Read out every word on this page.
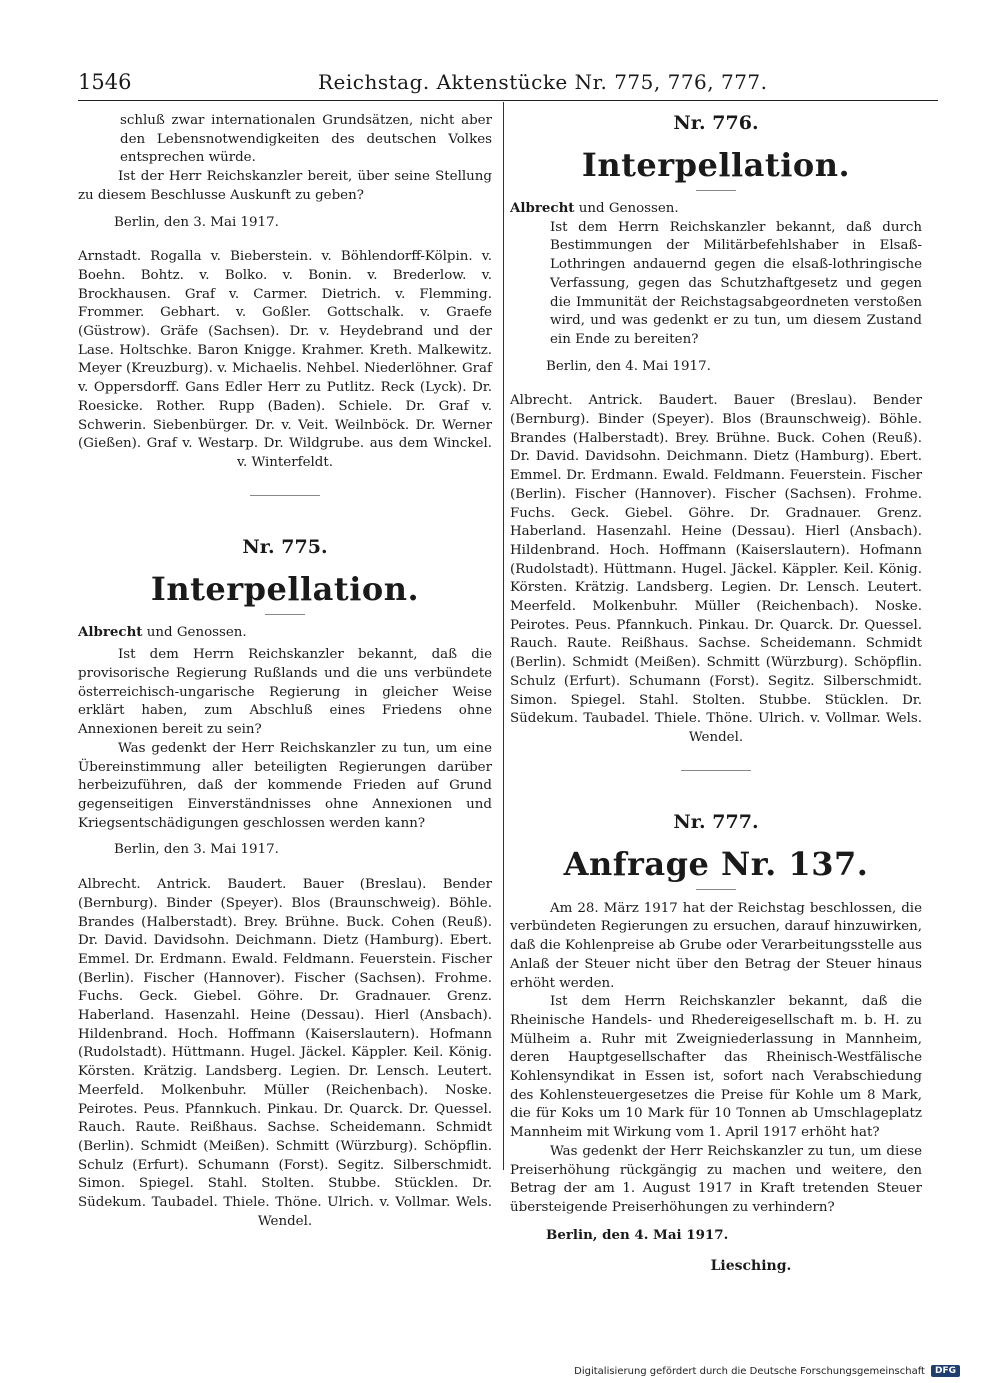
1546	Reichstag. Aktenstücke Nr. 775, 776, 777.

schluß zwar internationalen Grundsätzen, nicht aber den Lebensnotwendigkeiten des deutschen Volkes entsprechen würde.

Ist der Herr Reichskanzler bereit, über seine Stellung zu diesem Beschlusse Auskunft zu geben?

Berlin, den 3. Mai 1917.

Arnstadt. Rogalla v. Bieberstein. v. Böhlendorff-Kölpin. v. Boehn. Bohtz. v. Bolko. v. Bonin. v. Brederlow. v. Brockhausen. Graf v. Carmer. Dietrich. v. Flemming. Frommer. Gebhart. v. Goßler. Gottschalk. v. Graefe (Güstrow). Gräfe (Sachsen). Dr. v. Heydebrand und der Lase. Holtschke. Baron Knigge. Krahmer. Kreth. Malkewitz. Meyer (Kreuzburg). v. Michaelis. Nehbel. Niederlöhner. Graf v. Oppersdorff. Gans Edler Herr zu Putlitz. Reck (Lyck). Dr. Roesicke. Rother. Rupp (Baden). Schiele. Dr. Graf v. Schwerin. Siebenbürger. Dr. v. Veit. Weilnböck. Dr. Werner (Gießen). Graf v. Westarp. Dr. Wildgrube. aus dem Winckel. v. Winterfeldt.

Nr. 775.
Interpellation.

Albrecht und Genossen.

Ist dem Herrn Reichskanzler bekannt, daß die provisorische Regierung Rußlands und die uns verbündete österreichisch-ungarische Regierung in gleicher Weise erklärt haben, zum Abschluß eines Friedens ohne Annexionen bereit zu sein?

Was gedenkt der Herr Reichskanzler zu tun, um eine Übereinstimmung aller beteiligten Regierungen darüber herbeizuführen, daß der kommende Frieden auf Grund gegenseitigen Einverständnisses ohne Annexionen und Kriegsentschädigungen geschlossen werden kann?

Berlin, den 3. Mai 1917.

Albrecht. Antrick. Baudert. Bauer (Breslau). Bender (Bernburg). Binder (Speyer). Blos (Braunschweig). Böhle. Brandes (Halberstadt). Brey. Brühne. Buck. Cohen (Reuß). Dr. David. Davidsohn. Deichmann. Dietz (Hamburg). Ebert. Emmel. Dr. Erdmann. Ewald. Feldmann. Feuerstein. Fischer (Berlin). Fischer (Hannover). Fischer (Sachsen). Frohme. Fuchs. Geck. Giebel. Göhre. Dr. Gradnauer. Grenz. Haberland. Hasenzahl. Heine (Dessau). Hierl (Ansbach). Hildenbrand. Hoch. Hoffmann (Kaiserslautern). Hofmann (Rudolstadt). Hüttmann. Hugel. Jäckel. Käppler. Keil. König. Körsten. Krätzig. Landsberg. Legien. Dr. Lensch. Leutert. Meerfeld. Molkenbuhr. Müller (Reichenbach). Noske. Peirotes. Peus. Pfannkuch. Pinkau. Dr. Quarck. Dr. Quessel. Rauch. Raute. Reißhaus. Sachse. Scheidemann. Schmidt (Berlin). Schmidt (Meißen). Schmitt (Würzburg). Schöpflin. Schulz (Erfurt). Schumann (Forst). Segitz. Silberschmidt. Simon. Spiegel. Stahl. Stolten. Stubbe. Stücklen. Dr. Südekum. Taubadel. Thiele. Thöne. Ulrich. v. Vollmar. Wels. Wendel.

Nr. 776.
Interpellation.

Albrecht und Genossen.

Ist dem Herrn Reichskanzler bekannt, daß durch Bestimmungen der Militärbefehlshaber in Elsaß-Lothringen andauernd gegen die elsaß-lothringische Verfassung, gegen das Schutzhaftgesetz und gegen die Immunität der Reichstagsabgeordneten verstoßen wird, und was gedenkt er zu tun, um diesem Zustand ein Ende zu bereiten?

Berlin, den 4. Mai 1917.

Albrecht. Antrick. Baudert. Bauer (Breslau). Bender (Bernburg). Binder (Speyer). Blos (Braunschweig). Böhle. Brandes (Halberstadt). Brey. Brühne. Buck. Cohen (Reuß). Dr. David. Davidsohn. Deichmann. Dietz (Hamburg). Ebert. Emmel. Dr. Erdmann. Ewald. Feldmann. Feuerstein. Fischer (Berlin). Fischer (Hannover). Fischer (Sachsen). Frohme. Fuchs. Geck. Giebel. Göhre. Dr. Gradnauer. Grenz. Haberland. Hasenzahl. Heine (Dessau). Hierl (Ansbach). Hildenbrand. Hoch. Hoffmann (Kaiserslautern). Hofmann (Rudolstadt). Hüttmann. Hugel. Jäckel. Käppler. Keil. König. Körsten. Krätzig. Landsberg. Legien. Dr. Lensch. Leutert. Meerfeld. Molkenbuhr. Müller (Reichenbach). Noske. Peirotes. Peus. Pfannkuch. Pinkau. Dr. Quarck. Dr. Quessel. Rauch. Raute. Reißhaus. Sachse. Scheidemann. Schmidt (Berlin). Schmidt (Meißen). Schmitt (Würzburg). Schöpflin. Schulz (Erfurt). Schumann (Forst). Segitz. Silberschmidt. Simon. Spiegel. Stahl. Stolten. Stubbe. Stücklen. Dr. Südekum. Taubadel. Thiele. Thöne. Ulrich. v. Vollmar. Wels. Wendel.

Nr. 777.
Anfrage Nr. 137.

Am 28. März 1917 hat der Reichstag beschlossen, die verbündeten Regierungen zu ersuchen, darauf hinzuwirken, daß die Kohlenpreise ab Grube oder Verarbeitungsstelle aus Anlaß der Steuer nicht über den Betrag der Steuer hinaus erhöht werden.

Ist dem Herrn Reichskanzler bekannt, daß die Rheinische Handels- und Rhedereigesellschaft m. b. H. zu Mülheim a. Ruhr mit Zweigniederlassung in Mannheim, deren Hauptgesellschafter das Rheinisch-Westfälische Kohlensyndikat in Essen ist, sofort nach Verabschiedung des Kohlensteuergesetzes die Preise für Kohle um 8 Mark, die für Koks um 10 Mark für 10 Tonnen ab Umschlageplatz Mannheim mit Wirkung vom 1. April 1917 erhöht hat?

Was gedenkt der Herr Reichskanzler zu tun, um diese Preiserhöhung rückgängig zu machen und weitere, den Betrag der am 1. August 1917 in Kraft tretenden Steuer übersteigende Preiserhöhungen zu verhindern?

Berlin, den 4. Mai 1917.

Liesching.
Digitalisierung gefördert durch die Deutsche Forschungsgemeinschaft	DFG
